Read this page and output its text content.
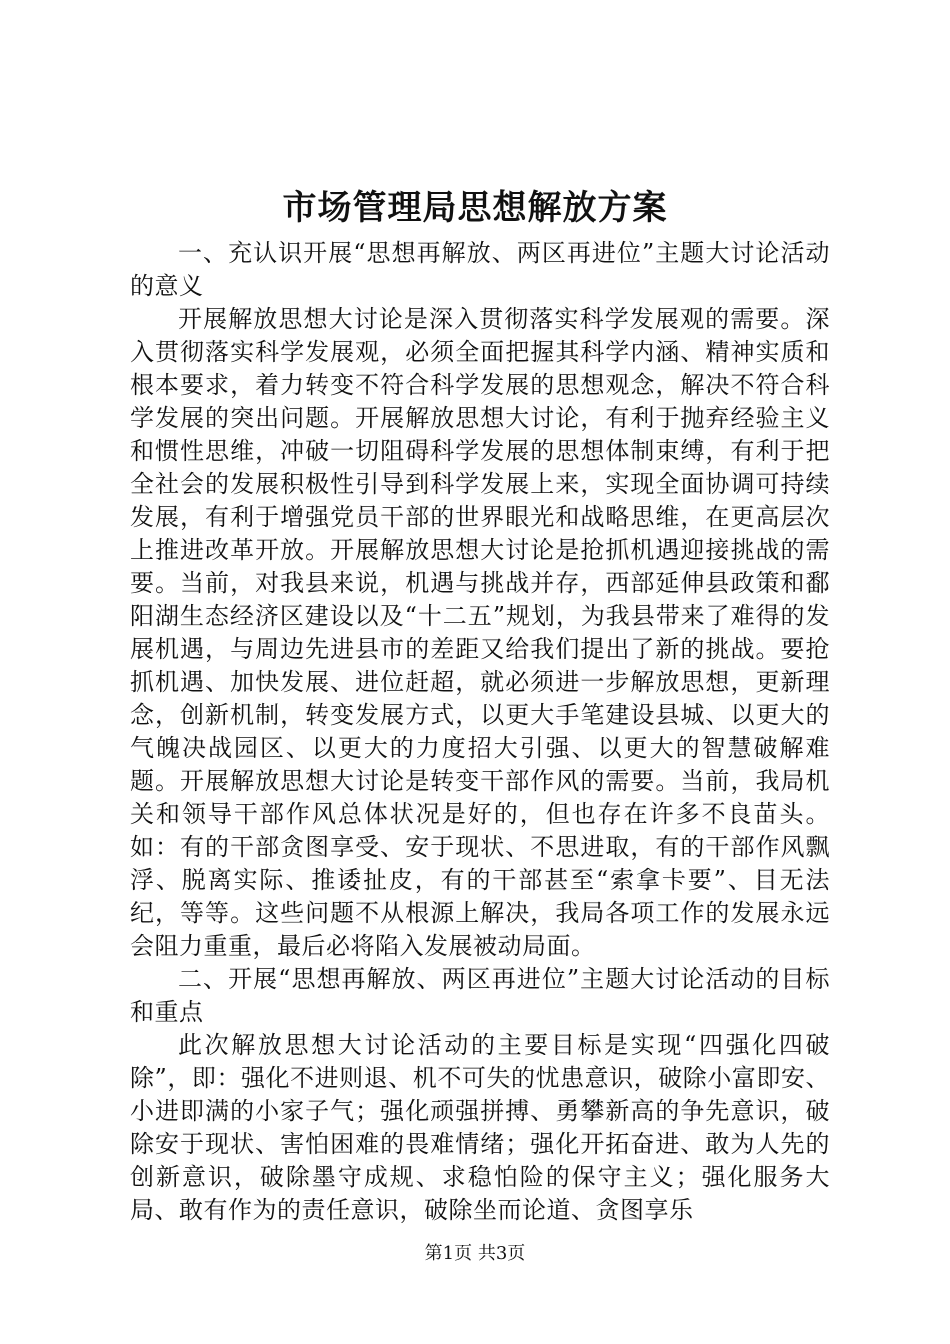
市场管理局思想解放方案

一、充认识开展“思想再解放、两区再进位”主题大讨论活动的意义

开展解放思想大讨论是深入贯彻落实科学发展观的需要。深入贯彻落实科学发展观，必须全面把握其科学内涵、精神实质和根本要求，着力转变不符合科学发展的思想观念，解决不符合科学发展的突出问题。开展解放思想大讨论，有利于抛弃经验主义和惯性思维，冲破一切阻碍科学发展的思想体制束缚，有利于把全社会的发展积极性引导到科学发展上来，实现全面协调可持续发展，有利于增强党员干部的世界眼光和战略思维，在更高层次上推进改革开放。开展解放思想大讨论是抢抓机遇迎接挑战的需要。当前，对我县来说，机遇与挑战并存，西部延伸县政策和鄱阳湖生态经济区建设以及“十二五”规划，为我县带来了难得的发展机遇，与周边先进县市的差距又给我们提出了新的挑战。要抢抓机遇、加快发展、进位赶超，就必须进一步解放思想，更新理念，创新机制，转变发展方式，以更大手笔建设县城、以更大的气魄决战园区、以更大的力度招大引强、以更大的智慧破解难题。开展解放思想大讨论是转变干部作风的需要。当前，我局机关和领导干部作风总体状况是好的，但也存在许多不良苗头。如：有的干部贪图享受、安于现状、不思进取，有的干部作风飘浮、脱离实际、推诿扯皮，有的干部甚至“索拿卡要”、目无法纪，等等。这些问题不从根源上解决，我局各项工作的发展永远会阻力重重，最后必将陷入发展被动局面。

二、开展“思想再解放、两区再进位”主题大讨论活动的目标和重点

此次解放思想大讨论活动的主要目标是实现“四强化四破除”，即：强化不进则退、机不可失的忧患意识，破除小富即安、小进即满的小家子气；强化顽强拼搏、勇攀新高的争先意识，破除安于现状、害怕困难的畏难情绪；强化开拓奋进、敢为人先的创新意识，破除墨守成规、求稳怕险的保守主义；强化服务大局、敢有作为的责任意识，破除坐而论道、贪图享乐

第1页 共3页
